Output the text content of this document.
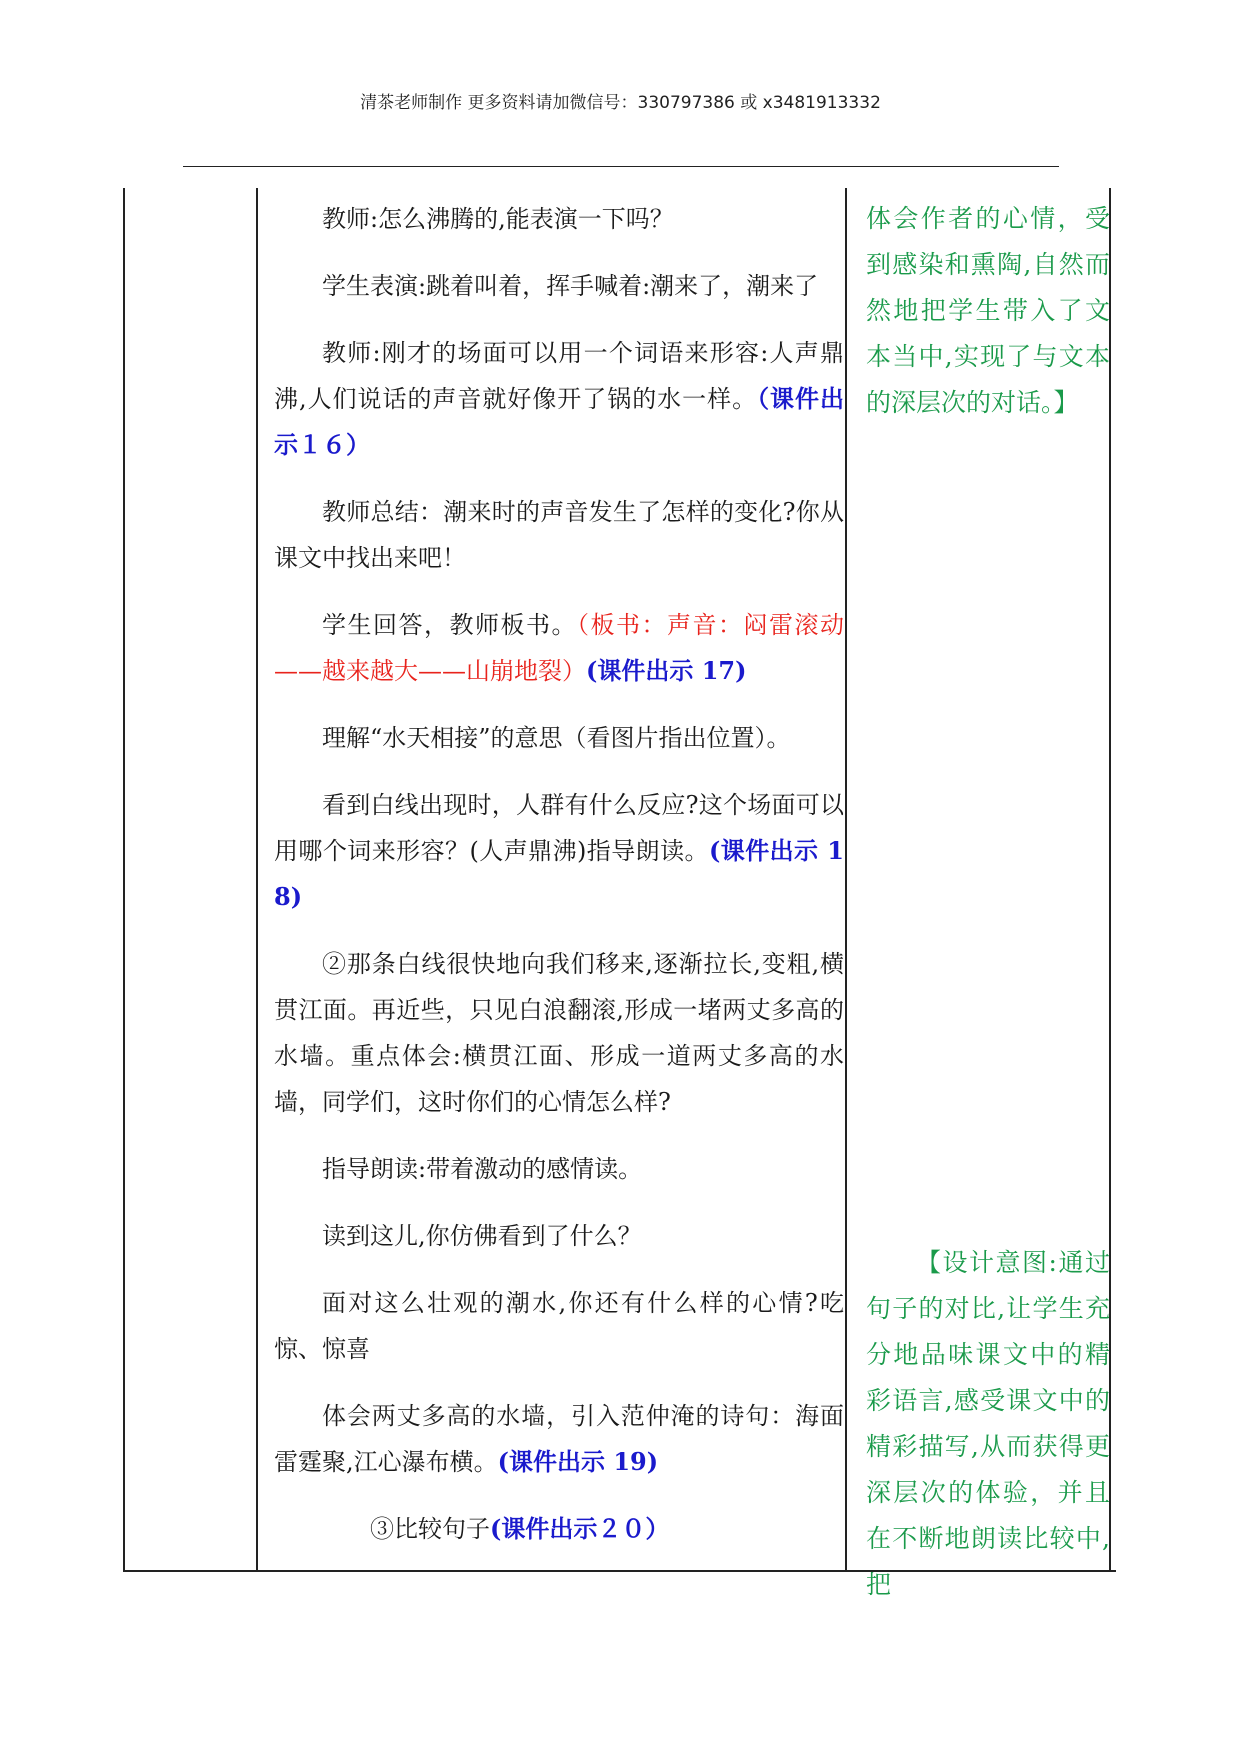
清茶老师制作 更多资料请加微信号：330797386 或 x3481913332

教师:怎么沸腾的,能表演一下吗？

学生表演:跳着叫着，挥手喊着:潮来了，潮来了

教师:刚才的场面可以用一个词语来形容:人声鼎沸,人们说话的声音就好像开了锅的水一样。（课件出示１６）

教师总结：潮来时的声音发生了怎样的变化?你从课文中找出来吧！

学生回答，教师板书。（板书：声音：闷雷滚动——越来越大——山崩地裂）(课件出示 17)

理解“水天相接”的意思（看图片指出位置）。

看到白线出现时，人群有什么反应?这个场面可以用哪个词来形容？(人声鼎沸)指导朗读。(课件出示 18)

②那条白线很快地向我们移来,逐渐拉长,变粗,横贯江面。再近些，只见白浪翻滚,形成一堵两丈多高的水墙。重点体会:横贯江面、形成一道两丈多高的水墙，同学们，这时你们的心情怎么样?

指导朗读:带着激动的感情读。

读到这儿,你仿佛看到了什么？

面对这么壮观的潮水,你还有什么样的心情?吃惊、惊喜

体会两丈多高的水墙，引入范仲淹的诗句：海面雷霆聚,江心瀑布横。(课件出示 19)

③比较句子(课件出示２０）

体会作者的心情，受到感染和熏陶,自然而然地把学生带入了文本当中,实现了与文本的深层次的对话。】
【设计意图:通过句子的对比,让学生充分地品味课文中的精彩语言,感受课文中的精彩描写,从而获得更深层次的体验，并且在不断地朗读比较中,把
